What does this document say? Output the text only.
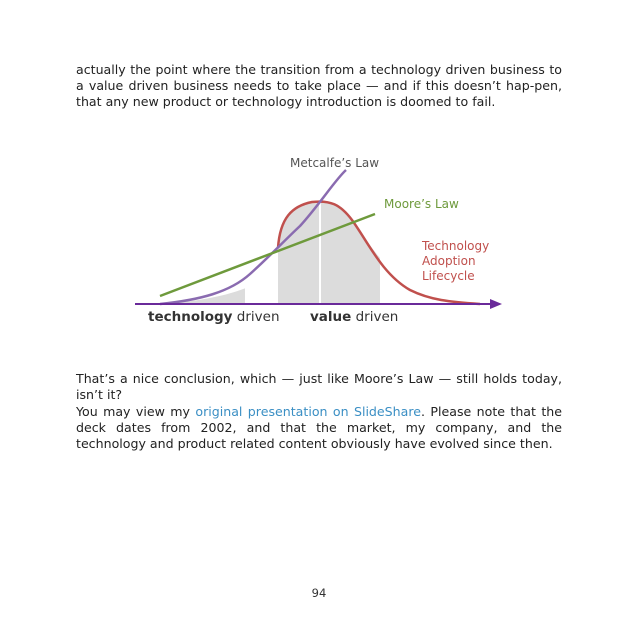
actually the point where the transition from a technology driven business to a value driven business needs to take place — and if this doesn’t hap-pen, that any new product or technology introduction is doomed to fail.

Metcalfe’s Law
Moore’s Law
Technology
Adoption
Lifecycle
technology driven value driven

That’s a nice conclusion, which — just like Moore’s Law — still holds today, isn’t it?

You may view my original presentation on SlideShare. Please note that the deck dates from 2002, and that the market, my company, and the technology and product related content obviously have evolved since then.

94
